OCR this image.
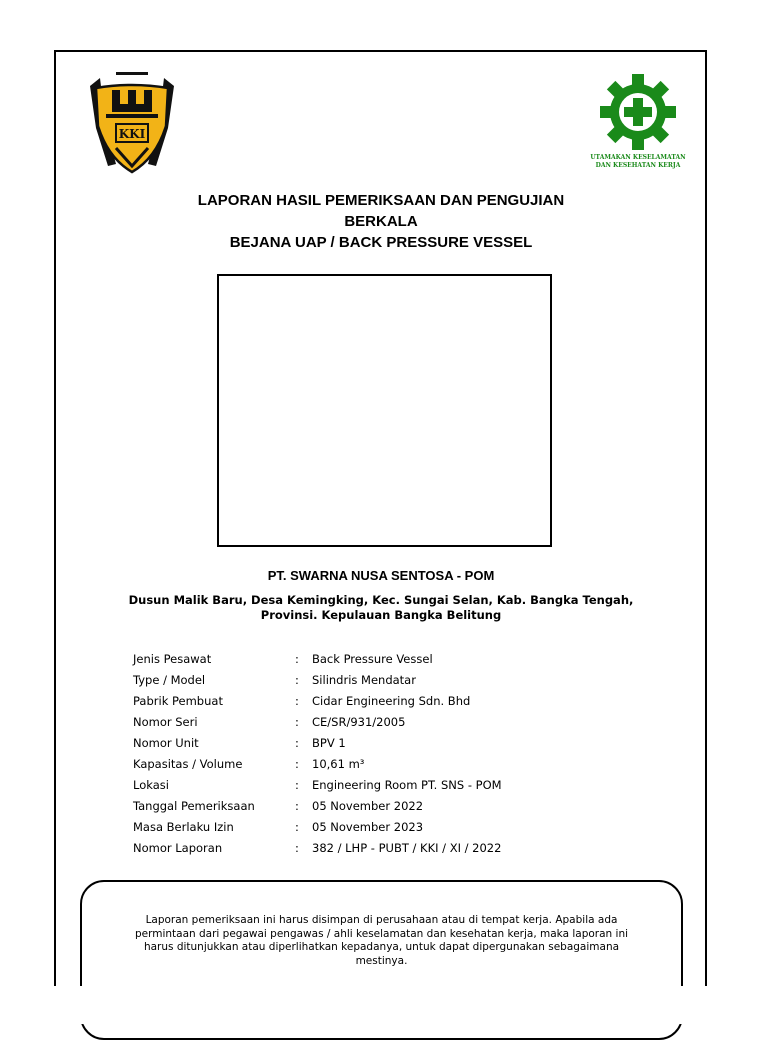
KKI
UTAMAKAN KESELAMATAN
DAN KESEHATAN KERJA
LAPORAN HASIL PEMERIKSAAN DAN PENGUJIAN
BERKALA
BEJANA UAP / BACK PRESSURE VESSEL
PT. SWARNA NUSA SENTOSA - POM
Dusun Malik Baru, Desa Kemingking, Kec. Sungai Selan, Kab. Bangka Tengah,
Provinsi. Kepulauan Bangka Belitung
Jenis Pesawat	: Back Pressure Vessel
Type / Model	: Silindris Mendatar
Pabrik Pembuat	: Cidar Engineering Sdn. Bhd
Nomor Seri	: CE/SR/931/2005
Nomor Unit	: BPV 1
Kapasitas / Volume	: 10,61 m³
Lokasi	: Engineering Room PT. SNS - POM
Tanggal Pemeriksaan	: 05 November 2022
Masa Berlaku Izin	: 05 November 2023
Nomor Laporan	: 382 / LHP - PUBT / KKI / XI / 2022
Laporan pemeriksaan ini harus disimpan di perusahaan atau di tempat kerja. Apabila ada
permintaan dari pegawai pengawas / ahli keselamatan dan kesehatan kerja, maka laporan ini
harus ditunjukkan atau diperlihatkan kepadanya, untuk dapat dipergunakan sebagaimana
mestinya.
